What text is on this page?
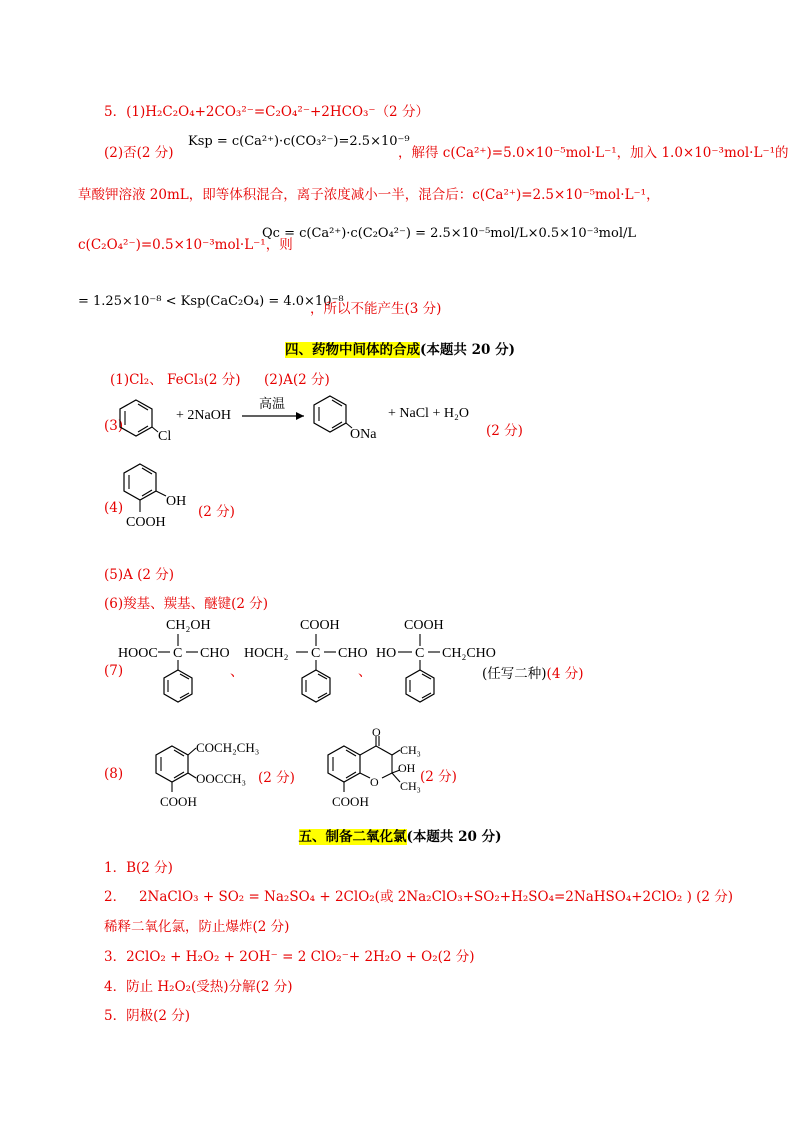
5．(1)H₂C₂O₄+2CO₃²⁻=C₂O₄²⁻+2HCO₃⁻（2 分）
(2)否(2 分)
Ksp = c(Ca²⁺)·c(CO₃²⁻)=2.5×10⁻⁹
，解得 c(Ca²⁺)=5.0×10⁻⁵mol·L⁻¹，加入 1.0×10⁻³mol·L⁻¹的
草酸钾溶液 20mL，即等体积混合，离子浓度减小一半，混合后：c(Ca²⁺)=2.5×10⁻⁵mol·L⁻¹，
c(C₂O₄²⁻)=0.5×10⁻³mol·L⁻¹，则
Qc = c(Ca²⁺)·c(C₂O₄²⁻) = 2.5×10⁻⁵mol/L×0.5×10⁻³mol/L
= 1.25×10⁻⁸ < Ksp(CaC₂O₄) = 4.0×10⁻⁸
，所以不能产生(3 分)
四、药物中间体的合成(本题共 20 分)
(1)Cl₂、 FeCl₃(2 分) (2)A(2 分)
(3)
Cl
+ 2NaOH
高温
ONa
+ NaCl + H₂O
(2 分)
(4)	OH
COOH
(2 分)
(5)A (2 分)
(6)羧基、羰基、醚键(2 分)
(7)
CH₂OH
HOOC C CHO
、
COOH
HOCH₂ C CHO
、
COOH
HO C CH₂CHO
(任写二种)(4 分)
(8)
COCH₂CH₃
OOCCH₃
COOH
O
O
CH₃
OH
CH₃
COOH
(2 分)	(2 分)
五、制备二氧化氯(本题共 20 分)
1．B(2 分)
2． 2NaClO₃ + SO₂ = Na₂SO₄ + 2ClO₂(或 2Na₂ClO₃+SO₂+H₂SO₄=2NaHSO₄+2ClO₂ ) (2 分)
稀释二氧化氯，防止爆炸(2 分)
3．2ClO₂ + H₂O₂ + 2OH⁻ = 2 ClO₂⁻+ 2H₂O + O₂(2 分)
4．防止 H₂O₂(受热)分解(2 分)
5．阴极(2 分)
